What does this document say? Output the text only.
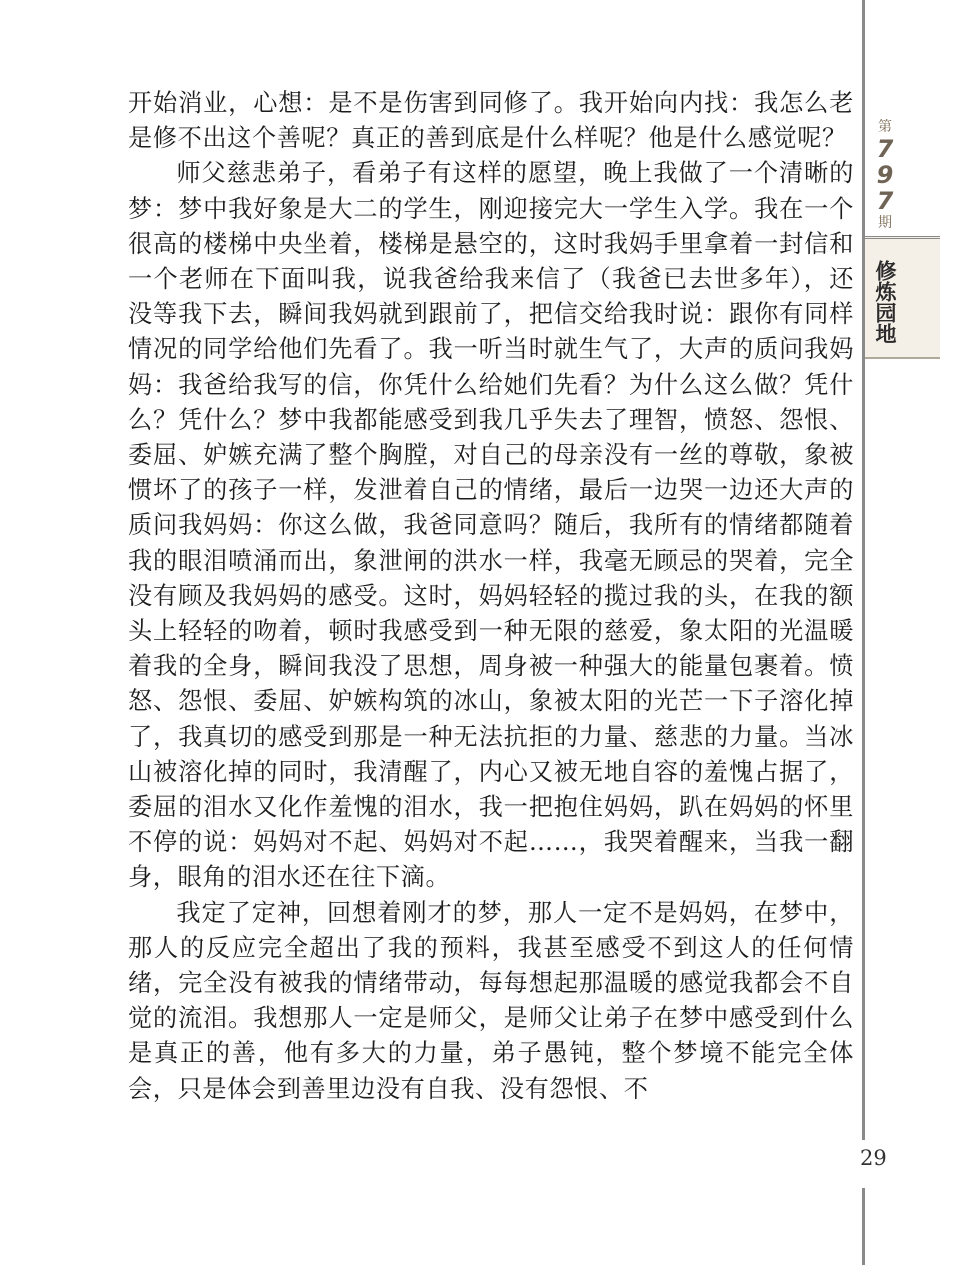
第
7
9
7
期
修炼园地

开始消业，心想：是不是伤害到同修了。我开始向内找：我怎么老是修不出这个善呢？真正的善到底是什么样呢？他是什么感觉呢？

师父慈悲弟子，看弟子有这样的愿望，晚上我做了一个清晰的梦：梦中我好象是大二的学生，刚迎接完大一学生入学。我在一个很高的楼梯中央坐着，楼梯是悬空的，这时我妈手里拿着一封信和一个老师在下面叫我，说我爸给我来信了（我爸已去世多年），还没等我下去，瞬间我妈就到跟前了，把信交给我时说：跟你有同样情况的同学给他们先看了。我一听当时就生气了，大声的质问我妈妈：我爸给我写的信，你凭什么给她们先看？为什么这么做？凭什么？凭什么？梦中我都能感受到我几乎失去了理智，愤怒、怨恨、委屈、妒嫉充满了整个胸膛，对自己的母亲没有一丝的尊敬，象被惯坏了的孩子一样，发泄着自己的情绪，最后一边哭一边还大声的质问我妈妈：你这么做，我爸同意吗？随后，我所有的情绪都随着我的眼泪喷涌而出，象泄闸的洪水一样，我毫无顾忌的哭着，完全没有顾及我妈妈的感受。这时，妈妈轻轻的揽过我的头，在我的额头上轻轻的吻着，顿时我感受到一种无限的慈爱，象太阳的光温暖着我的全身，瞬间我没了思想，周身被一种强大的能量包裹着。愤怒、怨恨、委屈、妒嫉构筑的冰山，象被太阳的光芒一下子溶化掉了，我真切的感受到那是一种无法抗拒的力量、慈悲的力量。当冰山被溶化掉的同时，我清醒了，内心又被无地自容的羞愧占据了，委屈的泪水又化作羞愧的泪水，我一把抱住妈妈，趴在妈妈的怀里不停的说：妈妈对不起、妈妈对不起……，我哭着醒来，当我一翻身，眼角的泪水还在往下滴。

我定了定神，回想着刚才的梦，那人一定不是妈妈，在梦中，那人的反应完全超出了我的预料，我甚至感受不到这人的任何情绪，完全没有被我的情绪带动，每每想起那温暖的感觉我都会不自觉的流泪。我想那人一定是师父，是师父让弟子在梦中感受到什么是真正的善，他有多大的力量，弟子愚钝，整个梦境不能完全体会，只是体会到善里边没有自我、没有怨恨、不

29
